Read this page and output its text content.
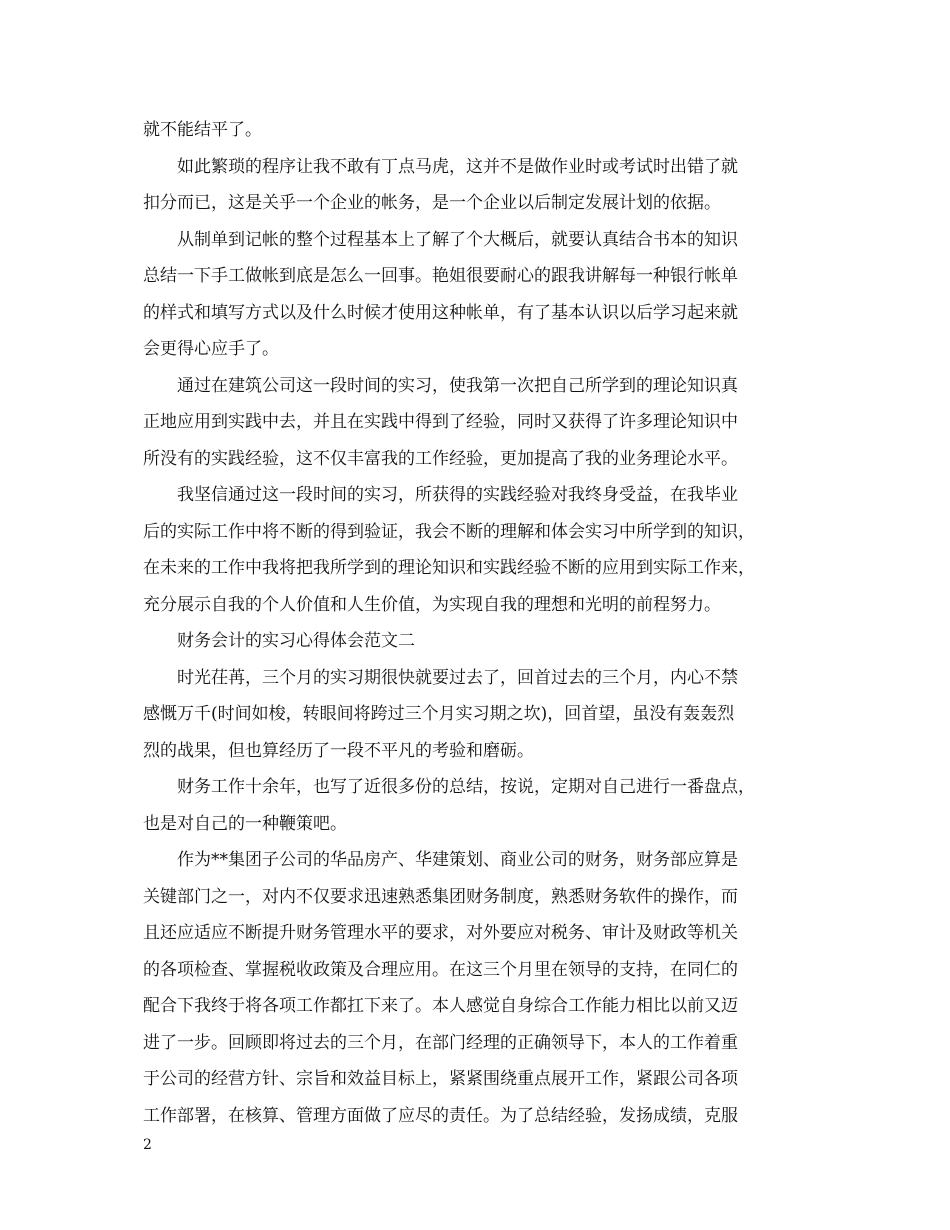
就不能结平了。
如此繁琐的程序让我不敢有丁点马虎，这并不是做作业时或考试时出错了就
扣分而已，这是关乎一个企业的帐务，是一个企业以后制定发展计划的依据。
从制单到记帐的整个过程基本上了解了个大概后，就要认真结合书本的知识
总结一下手工做帐到底是怎么一回事。艳姐很要耐心的跟我讲解每一种银行帐单
的样式和填写方式以及什么时候才使用这种帐单，有了基本认识以后学习起来就
会更得心应手了。
通过在建筑公司这一段时间的实习，使我第一次把自己所学到的理论知识真
正地应用到实践中去，并且在实践中得到了经验，同时又获得了许多理论知识中
所没有的实践经验，这不仅丰富我的工作经验，更加提高了我的业务理论水平。
我坚信通过这一段时间的实习，所获得的实践经验对我终身受益，在我毕业
后的实际工作中将不断的得到验证，我会不断的理解和体会实习中所学到的知识，
在未来的工作中我将把我所学到的理论知识和实践经验不断的应用到实际工作来，
充分展示自我的个人价值和人生价值，为实现自我的理想和光明的前程努力。
财务会计的实习心得体会范文二
时光茌苒，三个月的实习期很快就要过去了，回首过去的三个月，内心不禁
感慨万千(时间如梭，转眼间将跨过三个月实习期之坎)，回首望，虽没有轰轰烈
烈的战果，但也算经历了一段不平凡的考验和磨砺。
财务工作十余年，也写了近很多份的总结，按说，定期对自己进行一番盘点，
也是对自己的一种鞭策吧。
作为**集团子公司的华品房产、华建策划、商业公司的财务，财务部应算是
关键部门之一，对内不仅要求迅速熟悉集团财务制度，熟悉财务软件的操作，而
且还应适应不断提升财务管理水平的要求，对外要应对税务、审计及财政等机关
的各项检查、掌握税收政策及合理应用。在这三个月里在领导的支持，在同仁的
配合下我终于将各项工作都扛下来了。本人感觉自身综合工作能力相比以前又迈
进了一步。回顾即将过去的三个月，在部门经理的正确领导下，本人的工作着重
于公司的经营方针、宗旨和效益目标上，紧紧围绕重点展开工作，紧跟公司各项
工作部署，在核算、管理方面做了应尽的责任。为了总结经验，发扬成绩，克服
2
